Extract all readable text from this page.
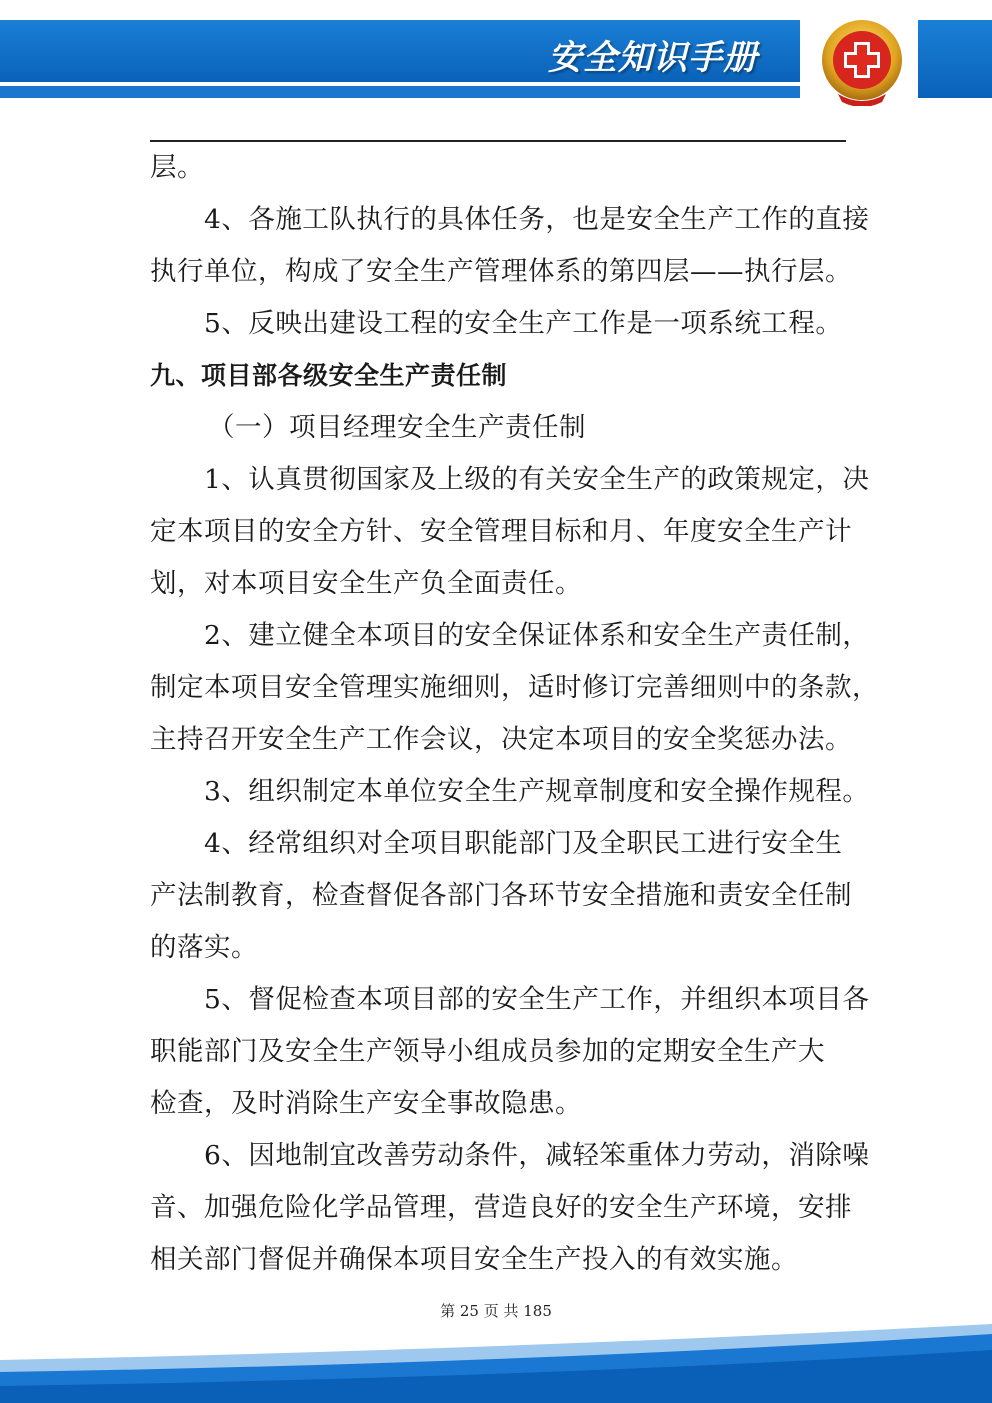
安全知识手册
层。
4、各施工队执行的具体任务，也是安全生产工作的直接
执行单位，构成了安全生产管理体系的第四层——执行层。
5、反映出建设工程的安全生产工作是一项系统工程。
九、项目部各级安全生产责任制
（一）项目经理安全生产责任制
1、认真贯彻国家及上级的有关安全生产的政策规定，决
定本项目的安全方针、安全管理目标和月、年度安全生产计
划，对本项目安全生产负全面责任。
2、建立健全本项目的安全保证体系和安全生产责任制，
制定本项目安全管理实施细则，适时修订完善细则中的条款，
主持召开安全生产工作会议，决定本项目的安全奖惩办法。
3、组织制定本单位安全生产规章制度和安全操作规程。
4、经常组织对全项目职能部门及全职民工进行安全生
产法制教育，检查督促各部门各环节安全措施和责安全任制
的落实。
5、督促检查本项目部的安全生产工作，并组织本项目各
职能部门及安全生产领导小组成员参加的定期安全生产大
检查，及时消除生产安全事故隐患。
6、因地制宜改善劳动条件，减轻笨重体力劳动，消除噪
音、加强危险化学品管理，营造良好的安全生产环境，安排
相关部门督促并确保本项目安全生产投入的有效实施。
第 25 页 共 185
